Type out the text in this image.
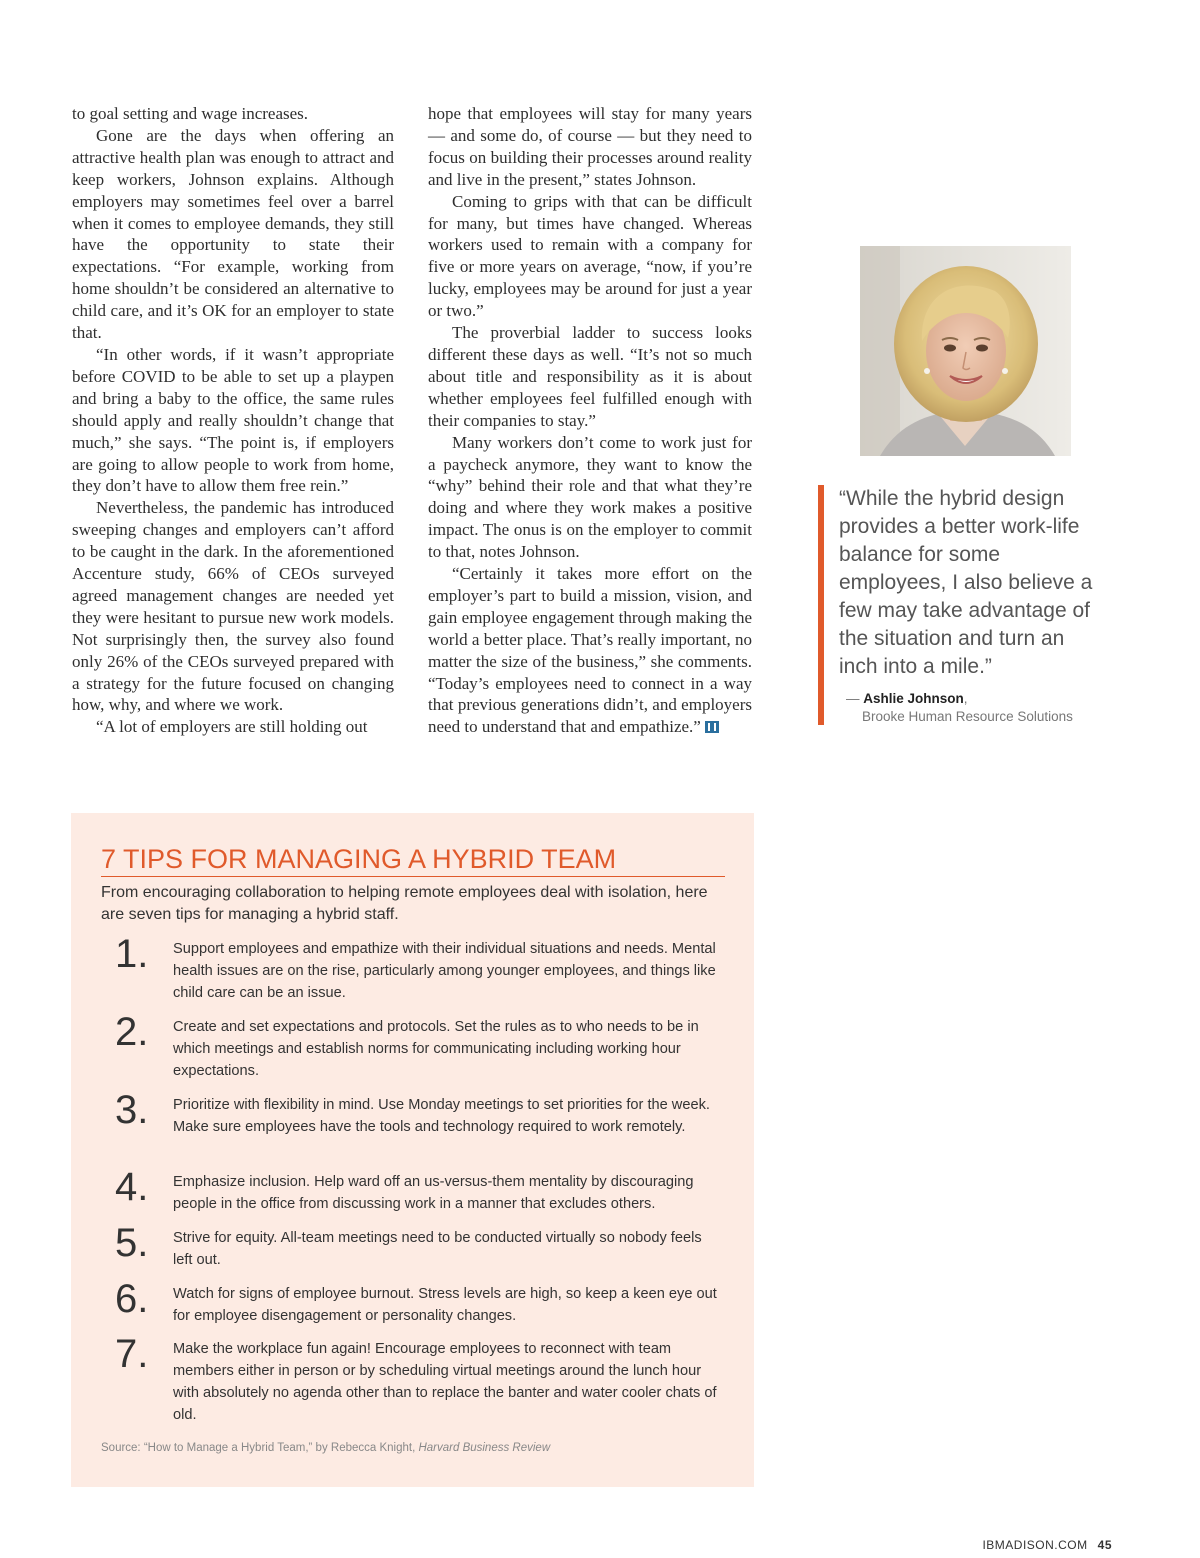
to goal setting and wage increases.

Gone are the days when offering an attractive health plan was enough to attract and keep workers, Johnson explains. Although employers may sometimes feel over a barrel when it comes to employee demands, they still have the opportunity to state their expectations. “For example, working from home shouldn’t be considered an alternative to child care, and it’s OK for an employer to state that.

“In other words, if it wasn’t appropriate before COVID to be able to set up a playpen and bring a baby to the office, the same rules should apply and really shouldn’t change that much,” she says. “The point is, if employers are going to allow people to work from home, they don’t have to allow them free rein.”

Nevertheless, the pandemic has introduced sweeping changes and employers can’t afford to be caught in the dark. In the aforementioned Accenture study, 66% of CEOs surveyed agreed management changes are needed yet they were hesitant to pursue new work models. Not surprisingly then, the survey also found only 26% of the CEOs surveyed prepared with a strategy for the future focused on changing how, why, and where we work.

“A lot of employers are still holding out

hope that employees will stay for many years — and some do, of course — but they need to focus on building their processes around reality and live in the present,” states Johnson.

Coming to grips with that can be difficult for many, but times have changed. Whereas workers used to remain with a company for five or more years on average, “now, if you’re lucky, employees may be around for just a year or two.”

The proverbial ladder to success looks different these days as well. “It’s not so much about title and responsibility as it is about whether employees feel fulfilled enough with their companies to stay.”

Many workers don’t come to work just for a paycheck anymore, they want to know the “why” behind their role and that what they’re doing and where they work makes a positive impact. The onus is on the employer to commit to that, notes Johnson.

“Certainly it takes more effort on the employer’s part to build a mission, vision, and gain employee engagement through making the world a better place. That’s really important, no matter the size of the business,” she comments. “Today’s employees need to connect in a way that previous generations didn’t, and employers need to understand that and empathize.”

“While the hybrid design provides a better work-life balance for some employees, I also believe a few may take advantage of the situation and turn an inch into a mile.”
— Ashlie Johnson,
Brooke Human Resource Solutions
7 TIPS FOR MANAGING A HYBRID TEAM
From encouraging collaboration to helping remote employees deal with isolation, here are seven tips for managing a hybrid staff.
1.	Support employees and empathize with their individual situations and needs. Mental health issues are on the rise, particularly among younger employees, and things like child care can be an issue.
2.	Create and set expectations and protocols. Set the rules as to who needs to be in which meetings and establish norms for communicating including working hour expectations.
3.	Prioritize with flexibility in mind. Use Monday meetings to set priorities for the week. Make sure employees have the tools and technology required to work remotely.
4.	Emphasize inclusion. Help ward off an us-versus-them mentality by discouraging people in the office from discussing work in a manner that excludes others.
5.	Strive for equity. All-team meetings need to be conducted virtually so nobody feels left out.
6.	Watch for signs of employee burnout. Stress levels are high, so keep a keen eye out for employee disengagement or personality changes.
7.	Make the workplace fun again! Encourage employees to reconnect with team members either in person or by scheduling virtual meetings around the lunch hour with absolutely no agenda other than to replace the banter and water cooler chats of old.
Source: “How to Manage a Hybrid Team,” by Rebecca Knight, Harvard Business Review
IBMADISON.COM 45
